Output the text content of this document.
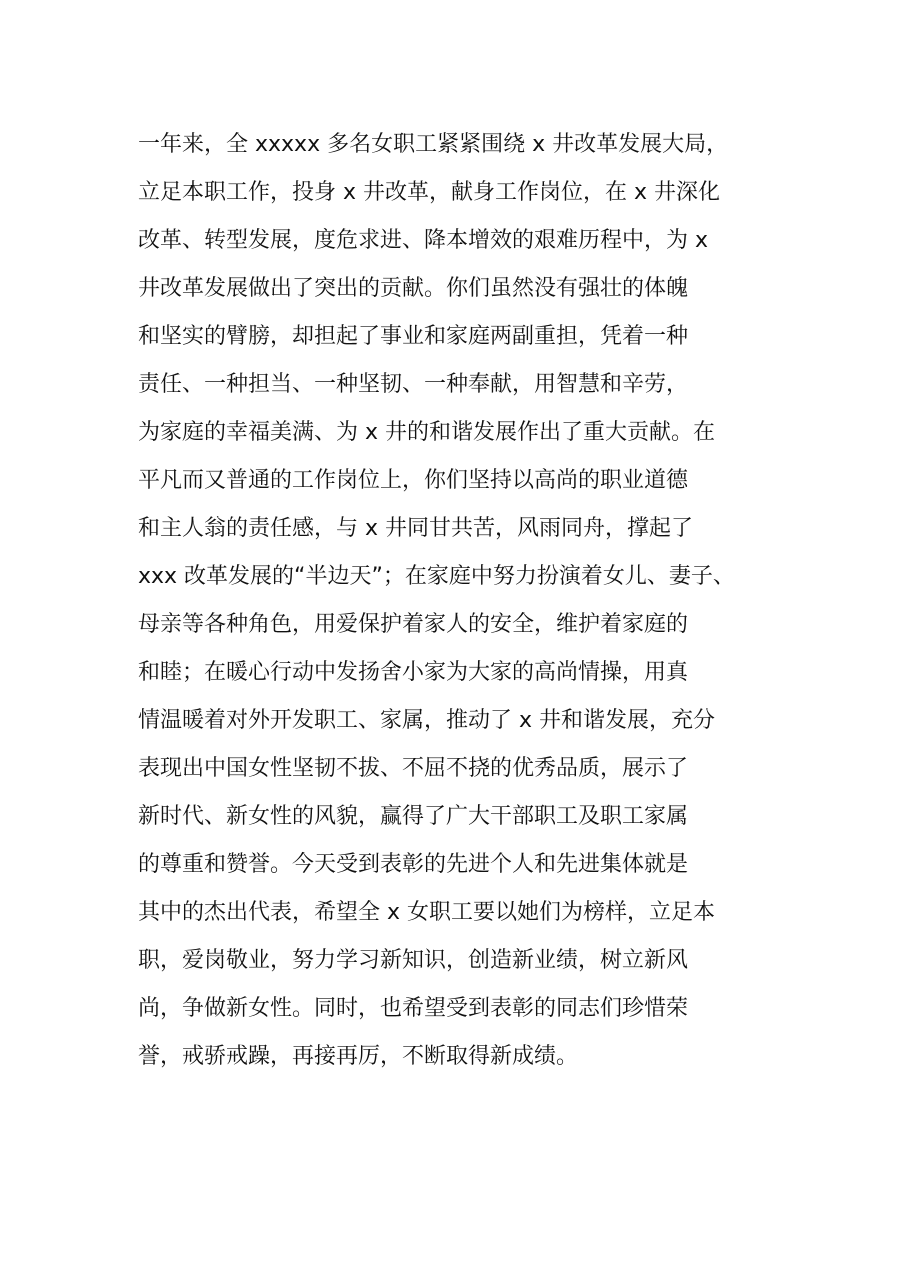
一年来，全 xxxxx 多名女职工紧紧围绕 x 井改革发展大局，
立足本职工作，投身 x 井改革，献身工作岗位，在 x 井深化
改革、转型发展，度危求进、降本增效的艰难历程中，为 x
井改革发展做出了突出的贡献。你们虽然没有强壮的体魄
和坚实的臂膀，却担起了事业和家庭两副重担，凭着一种
责任、一种担当、一种坚韧、一种奉献，用智慧和辛劳，
为家庭的幸福美满、为 x 井的和谐发展作出了重大贡献。在
平凡而又普通的工作岗位上，你们坚持以高尚的职业道德
和主人翁的责任感，与 x 井同甘共苦，风雨同舟，撑起了
xxx 改革发展的“半边天”；在家庭中努力扮演着女儿、妻子、
母亲等各种角色，用爱保护着家人的安全，维护着家庭的
和睦；在暖心行动中发扬舍小家为大家的高尚情操，用真
情温暖着对外开发职工、家属，推动了 x 井和谐发展，充分
表现出中国女性坚韧不拔、不屈不挠的优秀品质，展示了
新时代、新女性的风貌，赢得了广大干部职工及职工家属
的尊重和赞誉。今天受到表彰的先进个人和先进集体就是
其中的杰出代表，希望全 x 女职工要以她们为榜样，立足本
职，爱岗敬业，努力学习新知识，创造新业绩，树立新风
尚，争做新女性。同时，也希望受到表彰的同志们珍惜荣
誉，戒骄戒躁，再接再厉，不断取得新成绩。
